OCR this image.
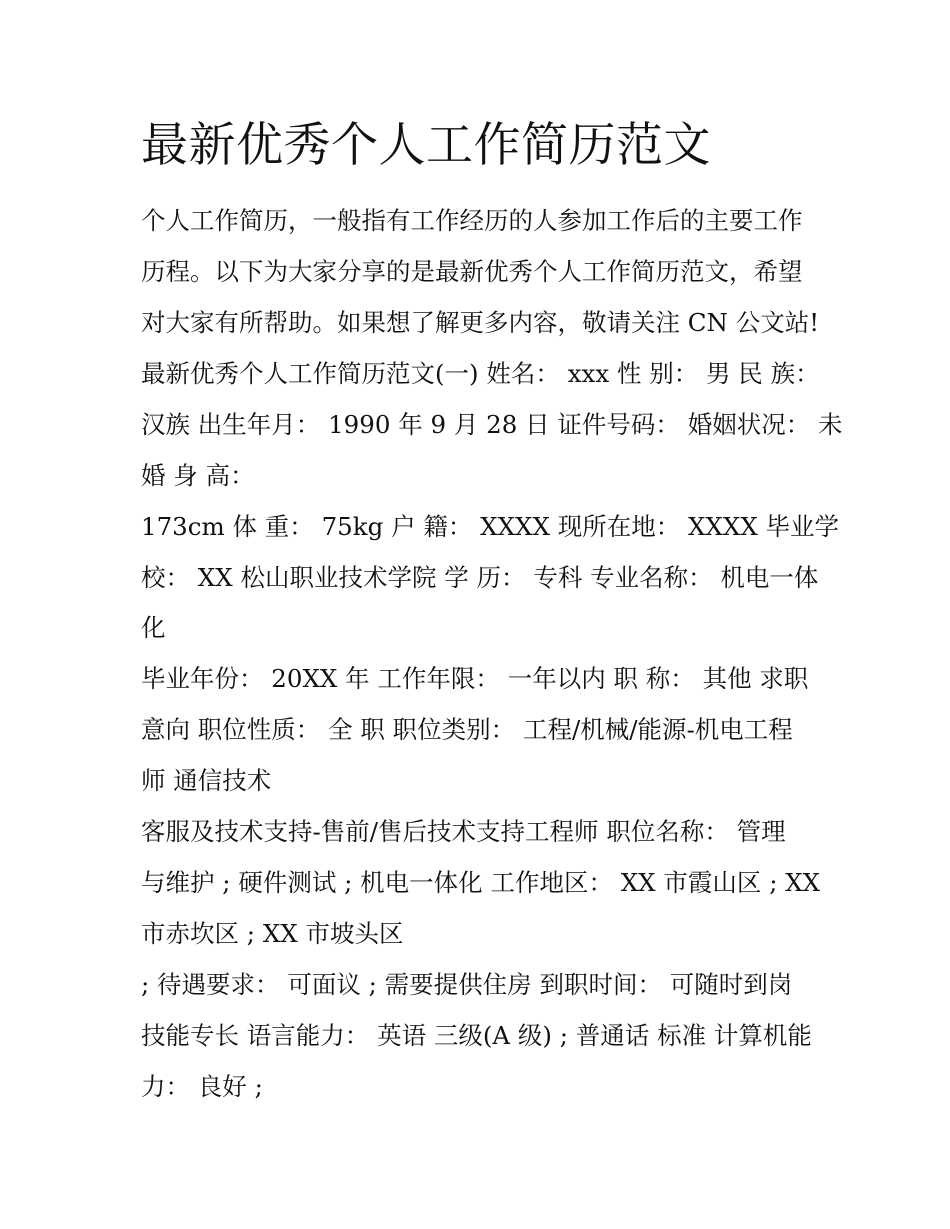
最新优秀个人工作简历范文

个人工作简历，一般指有工作经历的人参加工作后的主要工作

历程。以下为大家分享的是最新优秀个人工作简历范文，希望

对大家有所帮助。如果想了解更多内容，敬请关注 CN 公文站!

最新优秀个人工作简历范文(一) 姓名： xxx 性 别： 男 民 族：

汉族 出生年月： 1990 年 9 月 28 日 证件号码： 婚姻状况： 未

婚 身 高：

173cm 体 重： 75kg 户 籍： XXXX 现所在地： XXXX 毕业学

校： XX 松山职业技术学院 学 历： 专科 专业名称： 机电一体

化

毕业年份： 20XX 年 工作年限： 一年以内 职 称： 其他 求职

意向 职位性质： 全 职 职位类别： 工程/机械/能源-机电工程

师 通信技术

客服及技术支持-售前/售后技术支持工程师 职位名称： 管理

与维护 ; 硬件测试 ; 机电一体化 工作地区： XX 市霞山区 ; XX

市赤坎区 ; XX 市坡头区

; 待遇要求： 可面议 ; 需要提供住房 到职时间： 可随时到岗

技能专长 语言能力： 英语 三级(A 级) ; 普通话 标准 计算机能

力： 良好 ;
